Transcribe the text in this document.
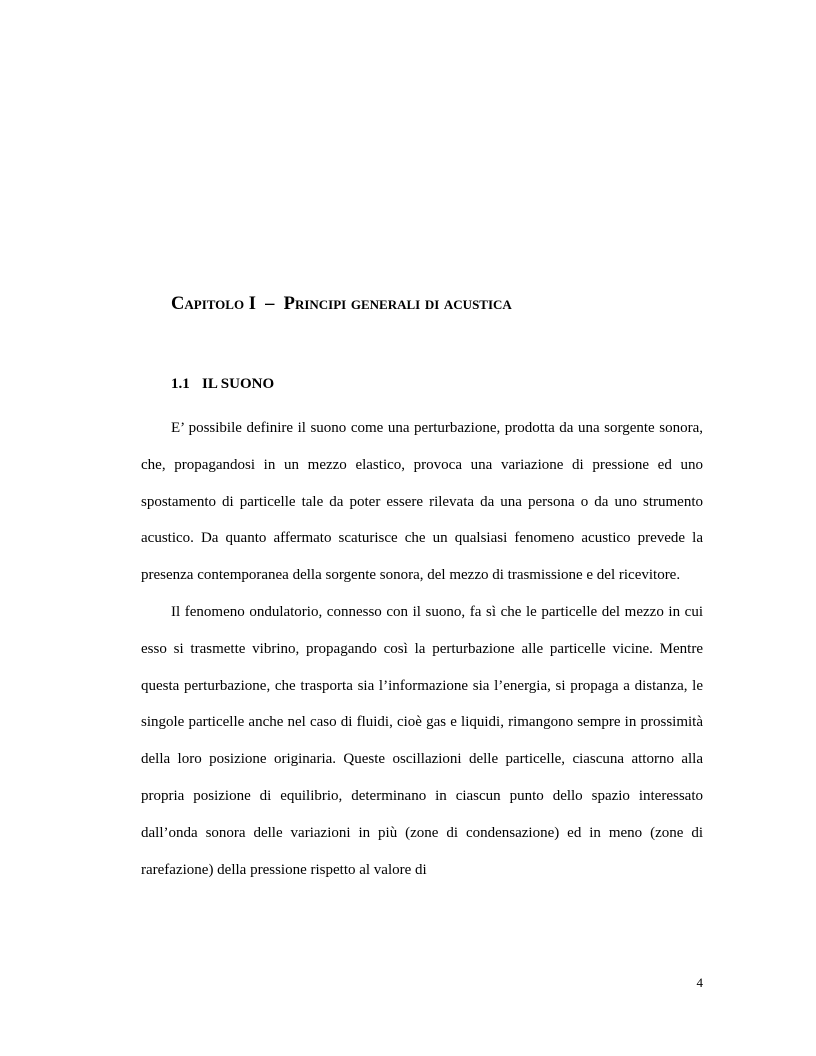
Capitolo I – Principi generali di acustica
1.1 IL SUONO

E’ possibile definire il suono come una perturbazione, prodotta da una sorgente sonora, che, propagandosi in un mezzo elastico, provoca una variazione di pressione ed uno spostamento di particelle tale da poter essere rilevata da una persona o da uno strumento acustico. Da quanto affermato scaturisce che un qualsiasi fenomeno acustico prevede la presenza contemporanea della sorgente sonora, del mezzo di trasmissione e del ricevitore.

Il fenomeno ondulatorio, connesso con il suono, fa sì che le particelle del mezzo in cui esso si trasmette vibrino, propagando così la perturbazione alle particelle vicine. Mentre questa perturbazione, che trasporta sia l’informazione sia l’energia, si propaga a distanza, le singole particelle anche nel caso di fluidi, cioè gas e liquidi, rimangono sempre in prossimità della loro posizione originaria. Queste oscillazioni delle particelle, ciascuna attorno alla propria posizione di equilibrio, determinano in ciascun punto dello spazio interessato dall’onda sonora delle variazioni in più (zone di condensazione) ed in meno (zone di rarefazione) della pressione rispetto al valore di

4
